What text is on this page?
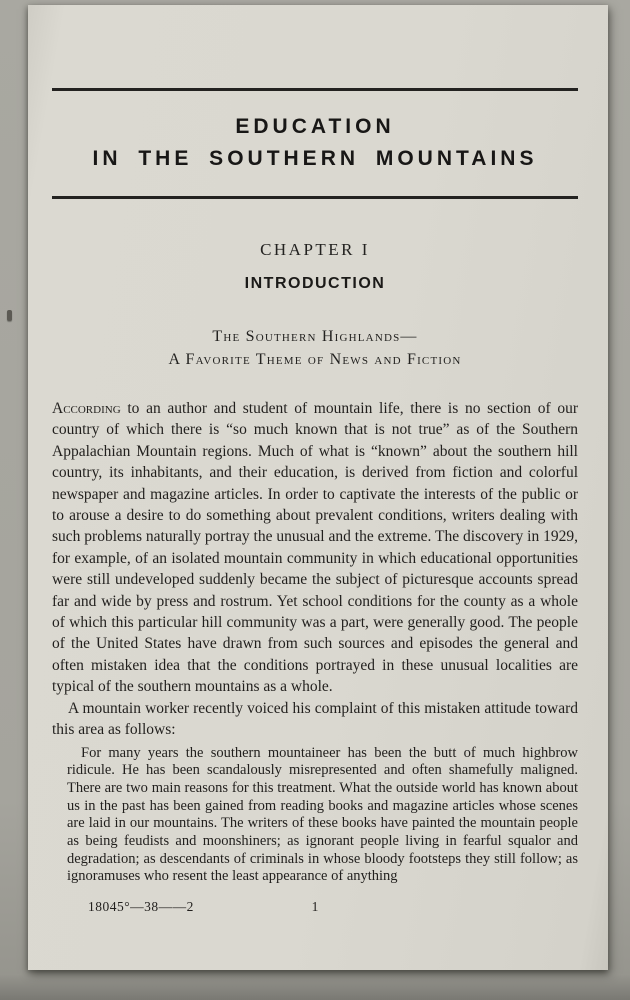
EDUCATION
IN THE SOUTHERN MOUNTAINS
CHAPTER I
INTRODUCTION
The Southern Highlands—
A Favorite Theme of News and Fiction

According to an author and student of mountain life, there is no section of our country of which there is “so much known that is not true” as of the Southern Appalachian Mountain regions. Much of what is “known” about the southern hill country, its inhabitants, and their education, is derived from fiction and colorful newspaper and magazine articles. In order to captivate the interests of the public or to arouse a desire to do something about prevalent conditions, writers dealing with such problems naturally portray the unusual and the extreme. The discovery in 1929, for example, of an isolated mountain community in which educational opportunities were still undeveloped suddenly became the subject of picturesque accounts spread far and wide by press and rostrum. Yet school conditions for the county as a whole of which this particular hill community was a part, were generally good. The people of the United States have drawn from such sources and episodes the general and often mistaken idea that the conditions portrayed in these unusual localities are typical of the southern mountains as a whole.

A mountain worker recently voiced his complaint of this mistaken attitude toward this area as follows:

For many years the southern mountaineer has been the butt of much highbrow ridicule. He has been scandalously misrepresented and often shamefully maligned. There are two main reasons for this treatment. What the outside world has known about us in the past has been gained from reading books and magazine articles whose scenes are laid in our mountains. The writers of these books have painted the mountain people as being feudists and moonshiners; as ignorant people living in fearful squalor and degradation; as descendants of criminals in whose bloody footsteps they still follow; as ignoramuses who resent the least appearance of anything

18045°—38——2	1
